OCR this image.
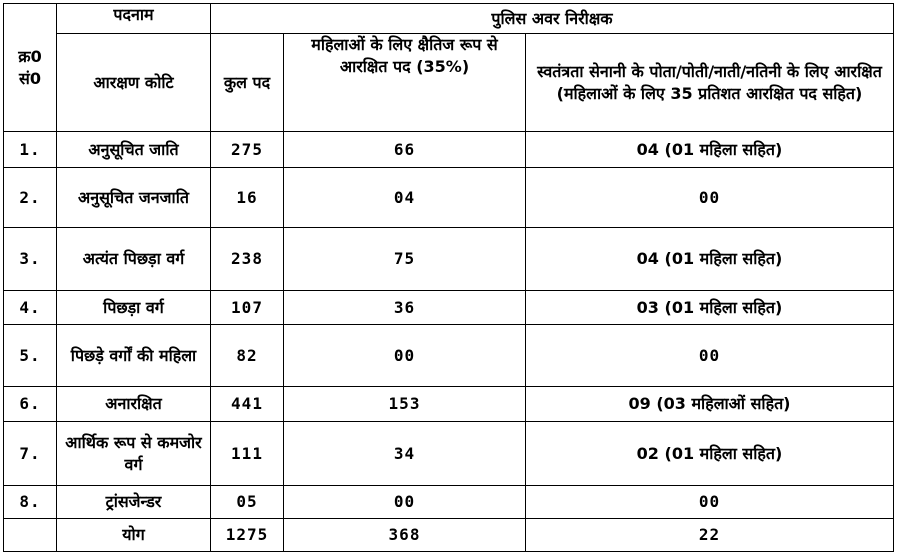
क्र0 सं0	पदनाम	पुलिस अवर निरीक्षक		
	आरक्षण कोटि	कुल पद	महिलाओं के लिए क्षैतिज रूप से आरक्षित पद (35%)	स्वतंत्रता सेनानी के पोता/पोती/नाती/नतिनी के लिए आरक्षित (महिलाओं के लिए 35 प्रतिशत आरक्षित पद सहित)
1.	अनुसूचित जाति	275	66	04 (01 महिला सहित)
2.	अनुसूचित जनजाति	16	04	00
3.	अत्यंत पिछड़ा वर्ग	238	75	04 (01 महिला सहित)
4.	पिछड़ा वर्ग	107	36	03 (01 महिला सहित)
5.	पिछड़े वर्गों की महिला	82	00	00
6.	अनारक्षित	441	153	09 (03 महिलाओं सहित)
7.	आर्थिक रूप से कमजोर वर्ग	111	34	02 (01 महिला सहित)
8.	ट्रांसजेन्डर	05	00	00
	योग	1275	368	22
